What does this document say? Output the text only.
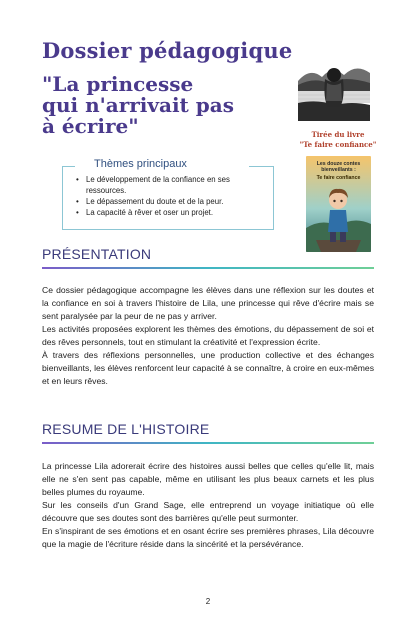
Dossier pédagogique
"La princesse
qui n'arrivait pas
à écrire"	Tirée du livre
"Te faire confiance"
Les douze contes
bienveillants :
Te faire confiance
Thèmes principaux
• Le développement de la confiance en ses ressources.
• Le dépassement du doute et de la peur.
• La capacité à rêver et oser un projet.
PRÉSENTATION
Ce dossier pédagogique accompagne les élèves dans une réflexion sur les doutes et la confiance en soi à travers l'histoire de Lila, une princesse qui rêve d'écrire mais se sent paralysée par la peur de ne pas y arriver.
Les activités proposées explorent les thèmes des émotions, du dépassement de soi et des rêves personnels, tout en stimulant la créativité et l'expression écrite.
À travers des réflexions personnelles, une production collective et des échanges bienveillants, les élèves renforcent leur capacité à se connaître, à croire en eux-mêmes et en leurs rêves.
RESUME DE L'HISTOIRE
La princesse Lila adorerait écrire des histoires aussi belles que celles qu'elle lit, mais elle ne s'en sent pas capable, même en utilisant les plus beaux carnets et les plus belles plumes du royaume.
Sur les conseils d'un Grand Sage, elle entreprend un voyage initiatique où elle découvre que ses doutes sont des barrières qu'elle peut surmonter.
En s'inspirant de ses émotions et en osant écrire ses premières phrases, Lila découvre que la magie de l'écriture réside dans la sincérité et la persévérance.
2
